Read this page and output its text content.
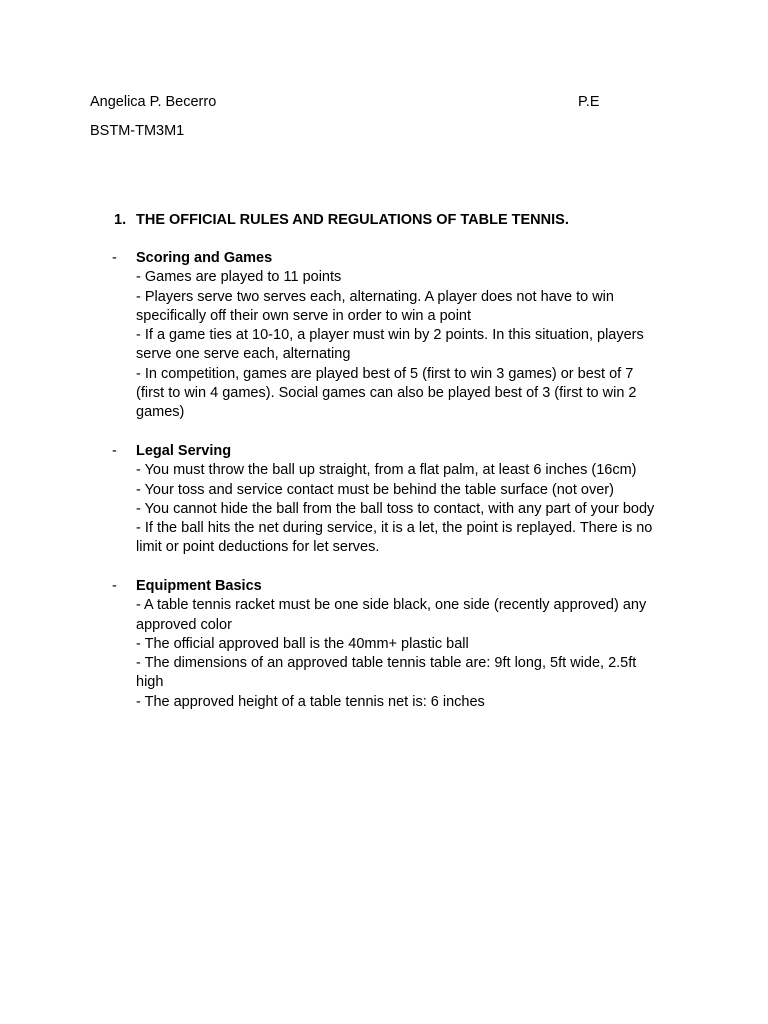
Angelica P. Becerro	P.E
BSTM-TM3M1
1. THE OFFICIAL RULES AND REGULATIONS OF TABLE TENNIS.
- Scoring and Games
- Games are played to 11 points
- Players serve two serves each, alternating. A player does not have to win
specifically off their own serve in order to win a point
- If a game ties at 10-10, a player must win by 2 points. In this situation, players
serve one serve each, alternating
- In competition, games are played best of 5 (first to win 3 games) or best of 7
(first to win 4 games). Social games can also be played best of 3 (first to win 2
games)
- Legal Serving
- You must throw the ball up straight, from a flat palm, at least 6 inches (16cm)
- Your toss and service contact must be behind the table surface (not over)
- You cannot hide the ball from the ball toss to contact, with any part of your body
- If the ball hits the net during service, it is a let, the point is replayed. There is no
limit or point deductions for let serves.
- Equipment Basics
- A table tennis racket must be one side black, one side (recently approved) any
approved color
- The official approved ball is the 40mm+ plastic ball
- The dimensions of an approved table tennis table are: 9ft long, 5ft wide, 2.5ft
high
- The approved height of a table tennis net is: 6 inches
